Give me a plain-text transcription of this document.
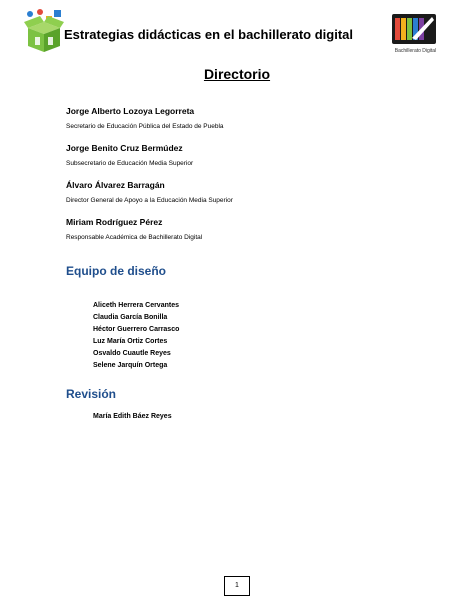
Estrategias didácticas en el bachillerato digital
Bachillerato Digital
Directorio
Jorge Alberto Lozoya Legorreta
Secretario de Educación Pública del Estado de Puebla
Jorge Benito Cruz Bermúdez
Subsecretario de Educación Media Superior
Álvaro Álvarez Barragán
Director General de Apoyo a la Educación Media Superior
Miriam Rodríguez Pérez
Responsable Académica de Bachillerato Digital
Equipo de diseño
Aliceth Herrera Cervantes
Claudia García Bonilla
Héctor Guerrero Carrasco
Luz María Ortiz Cortes
Osvaldo Cuautle Reyes
Selene Jarquín Ortega
Revisión
María Edith Báez Reyes
1
